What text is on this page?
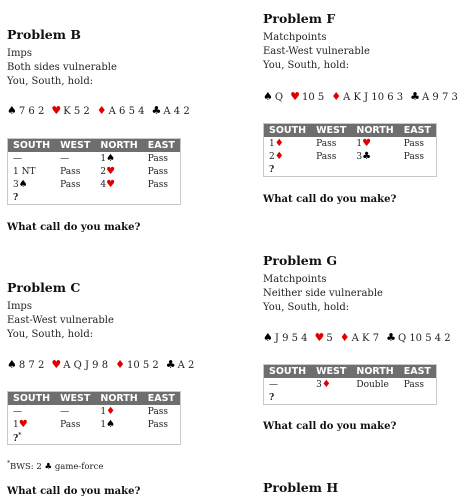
Problem B
Imps
Both sides vulnerable
You, South, hold:
♠ 7 6 2 ♥ K 5 2 ♦ A 6 5 4 ♣ A 4 2
SOUTH	WEST	NORTH	EAST
—	—	1♠	Pass
1 NT	Pass	2♥	Pass
3♠	Pass	4♥	Pass
?			
What call do you make?
Problem C
Imps
East-West vulnerable
You, South, hold:
♠ 8 7 2 ♥ A Q J 9 8 ♦ 10 5 2 ♣ A 2
SOUTH	WEST	NORTH	EAST
—	—	1♦	Pass
1♥	Pass	1♠	Pass
?*			
*BWS: 2 ♣ game-force
What call do you make?
Problem F
Matchpoints
East-West vulnerable
You, South, hold:
♠ Q ♥ 10 5 ♦ A K J 10 6 3 ♣ A 9 7 3
SOUTH	WEST	NORTH	EAST
1♦	Pass	1♥	Pass
2♦	Pass	3♣	Pass
?			
What call do you make?
Problem G
Matchpoints
Neither side vulnerable
You, South, hold:
♠ J 9 5 4 ♥ 5 ♦ A K 7 ♣ Q 10 5 4 2
SOUTH	WEST	NORTH	EAST
—	3♦	Double	Pass
?			
What call do you make?
Problem H
